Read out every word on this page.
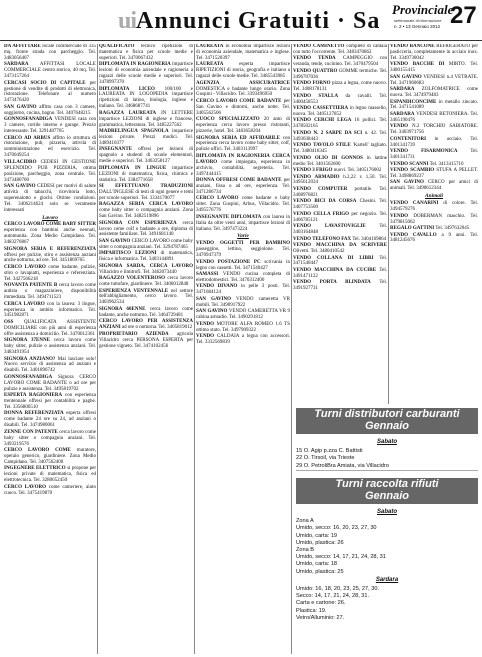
uiAnnunci Gratuiti · Sa Provinciale
settimanale d'informazione
n. 2 • 13 Gennaio 2012 27

DA AFFITTARE locale commerciale di 335 mq. fronte strada con parcheggio. Tel. 3483056407

SARDARA AFFITTASI LOCALE COMMERCIALE centro storico, 40 mq. Tel. 3473157264

CERCASI SOCIO DI CAPITALE per gestione di vendite di prodotti di elettronica, ristorazione. Telefonare al numero 3473476420

SAN GAVINO affitto casa con 3 camere, soggiorno, cucina, bagno. Tel. 3407648215

GONNOSFANADIGA VENDESI casa con 3 camere, cortile interno e garage. Prezzo interessante. Tel. 3291487765

CERCO AD ARBUS affitto lo struttura di ristorazione, pub, pizzeria, attività di somministrazione ed esercizio. Tel. 3470049254

VILLACIDRO CEDESI IN GESTIONE SPLENDIDO PUB PIZZERIA, ottima posizione, parcheggio, zona centrale. Tel. 3473480760

SAN GAVINO CEDESI per motivi di salute attività di tabacchi, ricevitoria lotto, superenalotto e giochi. Ottime condizioni. Tel. 3406214624 solo se veramente interessati

Lavoro

CERCO LAVORO COME BABY SITTER esperienza con bambini anche neonati, automunita. Zona Medio Campidano. Tel. 3483276867

SIGNORA SERIA E REFERENZIATA offresi per pulizie, stiro e assistenza anziani anche notturna, ad ore. Tel. 3451869765

CERCO LAVORO come badante, pulizie, stiro o lavapiatti, esperienza e referenziata. Tel. 3427566218

NOVANTA PATENTE B cerca lavoro come autista o magazziniere, disponibilità immediata. Tel. 3494711523

CERCA LAVORO con la laurea: 3 lingue, esperienza in ambito informatico. Tel. 3451982871

OSS QUALIFICATA ASSISTENTE DOMICILIARE con più anni di esperienza offre assistenza a domicilio. Tel. 3470012361

SIGNORA 37ENNE cerca lavoro come baby sitter, pulizie o assistenza anziani. Tel. 3483491954

SIGNORA ANZIANO? Mai lasciare solo! Nuovo servizio di assistenza ad anziani e disabili. Tel. 3401896742

GONNOSFANADIGA Signora CERCO LAVORO COME BADANTE o ad ore per pulizie e assistenza. Tel. 3495819702

ESPERTA RAGIONIERA con esperienza trentennale offresi per contabilità e paghe. Tel. 3356806510

DONNA REFERENZIATA esperta offresi come badante 24 ore su 24, ad anziani o disabili. Tel. 3474980061

ZENNE CON PATENTE cerca lavoro come baby sitter o compagnia anziani. Tel. 3493219576

CERCO LAVORO COME muratore, operaio generico, giardiniere. Zona Medio Campidano. Tel. 3407562400

INGEGNERE ELETTRICO si propone per lezioni private di matematica, fisica ed elettrotecnica. Tel. 3280652450

CERCO LAVORO come cameriere, aiuto cuoco. Tel. 3475419870

QUALIFICATO tecnico ripetizioni di matematica e fisica per scuole medie e superiori. Tel. 3470067432

DIPLOMATA IN RAGIONERIA impartisce lezioni di economia aziendale e ragioneria a ragazzi delle scuole medie e superiori. Tel. 3478997370

DIPLOMATA LICEO 100/100 e LAUREATA IN LOGOPEDIA impartisce ripetizioni di latino, biologia, inglese e italiano. Tel. 3468687741

RAGAZZA LAUREATA IN LETTERE impartisce LEZIONI di inglese e francese, grammatica, letteratura. Tel. 3485227562

MADRELINGUA SPAGNOLA impartisce lezioni private. Prezzi modici. Tel. 3489410377

INSEGNANTE offresi per lezioni di spagnolo a studenti di scuole elementari, medie e superiori. Tel. 3463258127

DIPLOMATA IN LINGUE impartisce LEZIONI di matematica, fisica, chimica e statistica. Tel. 3384771658

SI EFFETTUANO TRADUZIONI DALL'INGLESE di testi di ogni genere e temi per scuole superiori. Tel. 3334170077

RAGAZZA SERIA CERCA LAVORO come baby sitter o compagnia anziani. Zona San Gavino. Tel. 3482519896

SIGNORA CON ESPERIENZA cerca lavoro come colf o badante a ore, diploma di assistente familiare. Tel. 3491681140

SAN GAVINO CERCO LAVORO come baby sitter o compagnia anziani. Tel. 3294787465

IMPARTISCO LEZIONI di matematica, fisica e informatica. Tel. 3403144891

SIGNORA SARDA, CERCA LAVORO Villacidro e limitrofi. Tel. 3462073440

RAGAZZO VOLENTEROSO cerca lavoro come tuttofare, giardiniere. Tel. 3406012848

ESPERIENZA VENTENNALE nel settore dell'abbigliamento, cerco lavoro. Tel. 3403962534

SIGNORA 60ENNE cerca lavoro come badante, anche notturno. Tel. 3464729481

CERCO LAVORO PER ASSISTENZA ANZIANI ad ore o notturna. Tel. 3405819012

PROPRIETARIO AZIENDA agricola Villacidro cerca PERSONA ESPERTA per gestione vigneto. Tel. 3474102456

LAUREATA in economia impartisce lezioni di economia aziendale, matematica e inglese. Tel. 3471520397

LAUREATA	esperta impartisce RIPETIZIONI di storia, geografia e italiano a ragazzi delle scuole medie. Tel. 3485543985

AGENZIA ASSICURATRICE DOMESTICA e badante lungo orario. Zona Guspini - Villacidro. Tel. 3393496950

CERCO LAVORO COME BADANTE per San Gavino e dintorni, anche notte. Tel. 3405562506

CUOCO SPECIALIZZATO 20 anni di esperienza cerca lavoro presso ristoranti, pizzerie, hotel. Tel. 3483658204

SIGNORA SERIA ED AFFIDABILE con esperienza cerca lavoro come baby sitter, colf, pulizie uffici. Tel. 3403113997

DIPLOMATA IN RAGIONERIA CERCA LAVORO come impiegata, esperienza in archivio, contabilità, segreteria. Tel. 3497444415

DONNA OFFRESI COME BADANTE per anziani, fissa o ad ore, esperienza. Tel. 3471286734

CERCO LAVORO come badante o baby sitter. Zona Guspini, Arbus, Villacidro. Tel. 3495576776

INSEGNANTE DIPLOMATA con laurea in Italia da oltre venti anni, impartisce lezioni di italiano. Tel. 3497473224

Varie

VENDO OGGETTI PER BAMBINO passeggino, lettino, seggiolone. Tel. 3470947379

VENDO POSTAZIONE PC scrivania in legno con cassetti. Tel. 3471540427

SAMASSI VENDO cucina completa di elettrodomestici. Tel. 3470312400

VENDO DIVANO in pelle 3 posti. Tel. 3471684124

SAN GAVINO VENDO cameretta VR mobili. Tel. 3490917922

SAN GAVINO VENDO CAMERETTA VR 9 cabina armadio. Tel. 3490291812

VENDO MOTORE ALFA ROMEO 1.6 TS ottimo stato. Tel. 3497909322

VENDO CALDAIA a legna con accessori. Tel. 3332569839

VENDO CAMINETTO completo di caldaia con tutto l'occorrente. Tel. 3483470862

VENDO TENDA CAMPEGGIO con veranda, tende, cucinino. Tel. 3470479504

VENDO QUATTRO GOMME termiche. Tel. 3496707036

VENDO FORNO pizza a legna, come nuovo. Tel. 3408178131

VENDO STALLA da cavalli. Tel. 3400458553

VENDO CASSETTIERA in legno massello, nuova. Tel. 3405127852

VENDO CERCHI LEGA 16 pollici. Tel. 3478502165

VENDO N. 2 SARPE DA SCI n. 42. Tel. 3493038443

VENDO TAVOLO STILE 'Kartell' tagliato. Tel. 3480416345

VENDO OLIO DI GONNOS in lattine medio Tel. 3401562600

VENDO 3 FRIGO nuovi. Tel. 3405176002

VENDO ARMADIO h.2,22 x 1,50. Tel. 3495612034

VENDO COMPUTER portatile. Tel. 3408976821

VENDO BICI DA CORSA Chesini. Tel. 3407753500

VENDO CELLA FRIGO per negozio. Tel. 3406785121

VENDO LAVASTOVIGLIE	Tel. 3403164848

VENDO TELEFONO FAX Tel. 3404169864

VENDO MACCHINA DA SCRIVERE Olivetti. Tel. 3480410542

VENDO COLLANA DI LIBRI Tel. 3471540447

VENDO MACCHINA DA CUCIRE Tel. 3491471122

VENDO PORTA BLINDATA Tel. 3491927731

VENDO BANCONE REFRIGERATO per pasticceria, completamente in acciaio inox. Tel. 3349730042

VENDO BACCHE DI MIRTO. Tel. 3480155415

SAN GAVINO VENDESI n.4 VETRATE. Tel. 3471960683

SARDARA ZOLFOMATRICE come nuova. Tel. 3474979483

ESPANDICONCIME in metallo zincato. Tel. 3471541089

SARDARA VENDESI BETONIERA. Tel. 3465190476

VENDO N.2 TORCHIO SABIATORE. Tel. 3403971756

CONTENITORI in acciaio. Tel. 3401341739

VENDO FISARMONICA	Tel. 3401341731

VENDO SCANNI Tel. 3413415710

VENDO SCAMBIO STUFA A PELLET. Tel. 3498869237

SAN GAVINO CERCO per amici di animali. Tel. 3490612344

Animali

VENDO CANARINI di colore. Tel. 3494579276

VENDO DOBERMAN maschio. Tel. 3479815062

REGALO GATTINI Tel. 3497632045

VENDO CAVALLO a 9 anni. Tel. 3481245676

Turni distributori carburanti
Gennaio
Sabato

15 O. Agip p.zza C. Battisti

22 O. Tirsoil, via Trieste

29 O. PetroliBra Amiata, via Villacidro

Turni raccolta rifiuti
Gennaio
Sabato

Zona A

Umido, secco: 16, 20, 23, 27, 30

Umido, carta: 19

Umido, plastica: 26

Zona B

Umido, secco: 14, 17, 21, 24, 28, 31

Umido, carta: 18

Umido, plastica: 25

Sardara

Umido: 16, 18, 20, 23, 25, 27, 30.

Secco: 14, 17, 21, 24, 28, 31.

Carta e cartone: 26.

Plastica: 19.

Vetro/Alluminio: 27.
